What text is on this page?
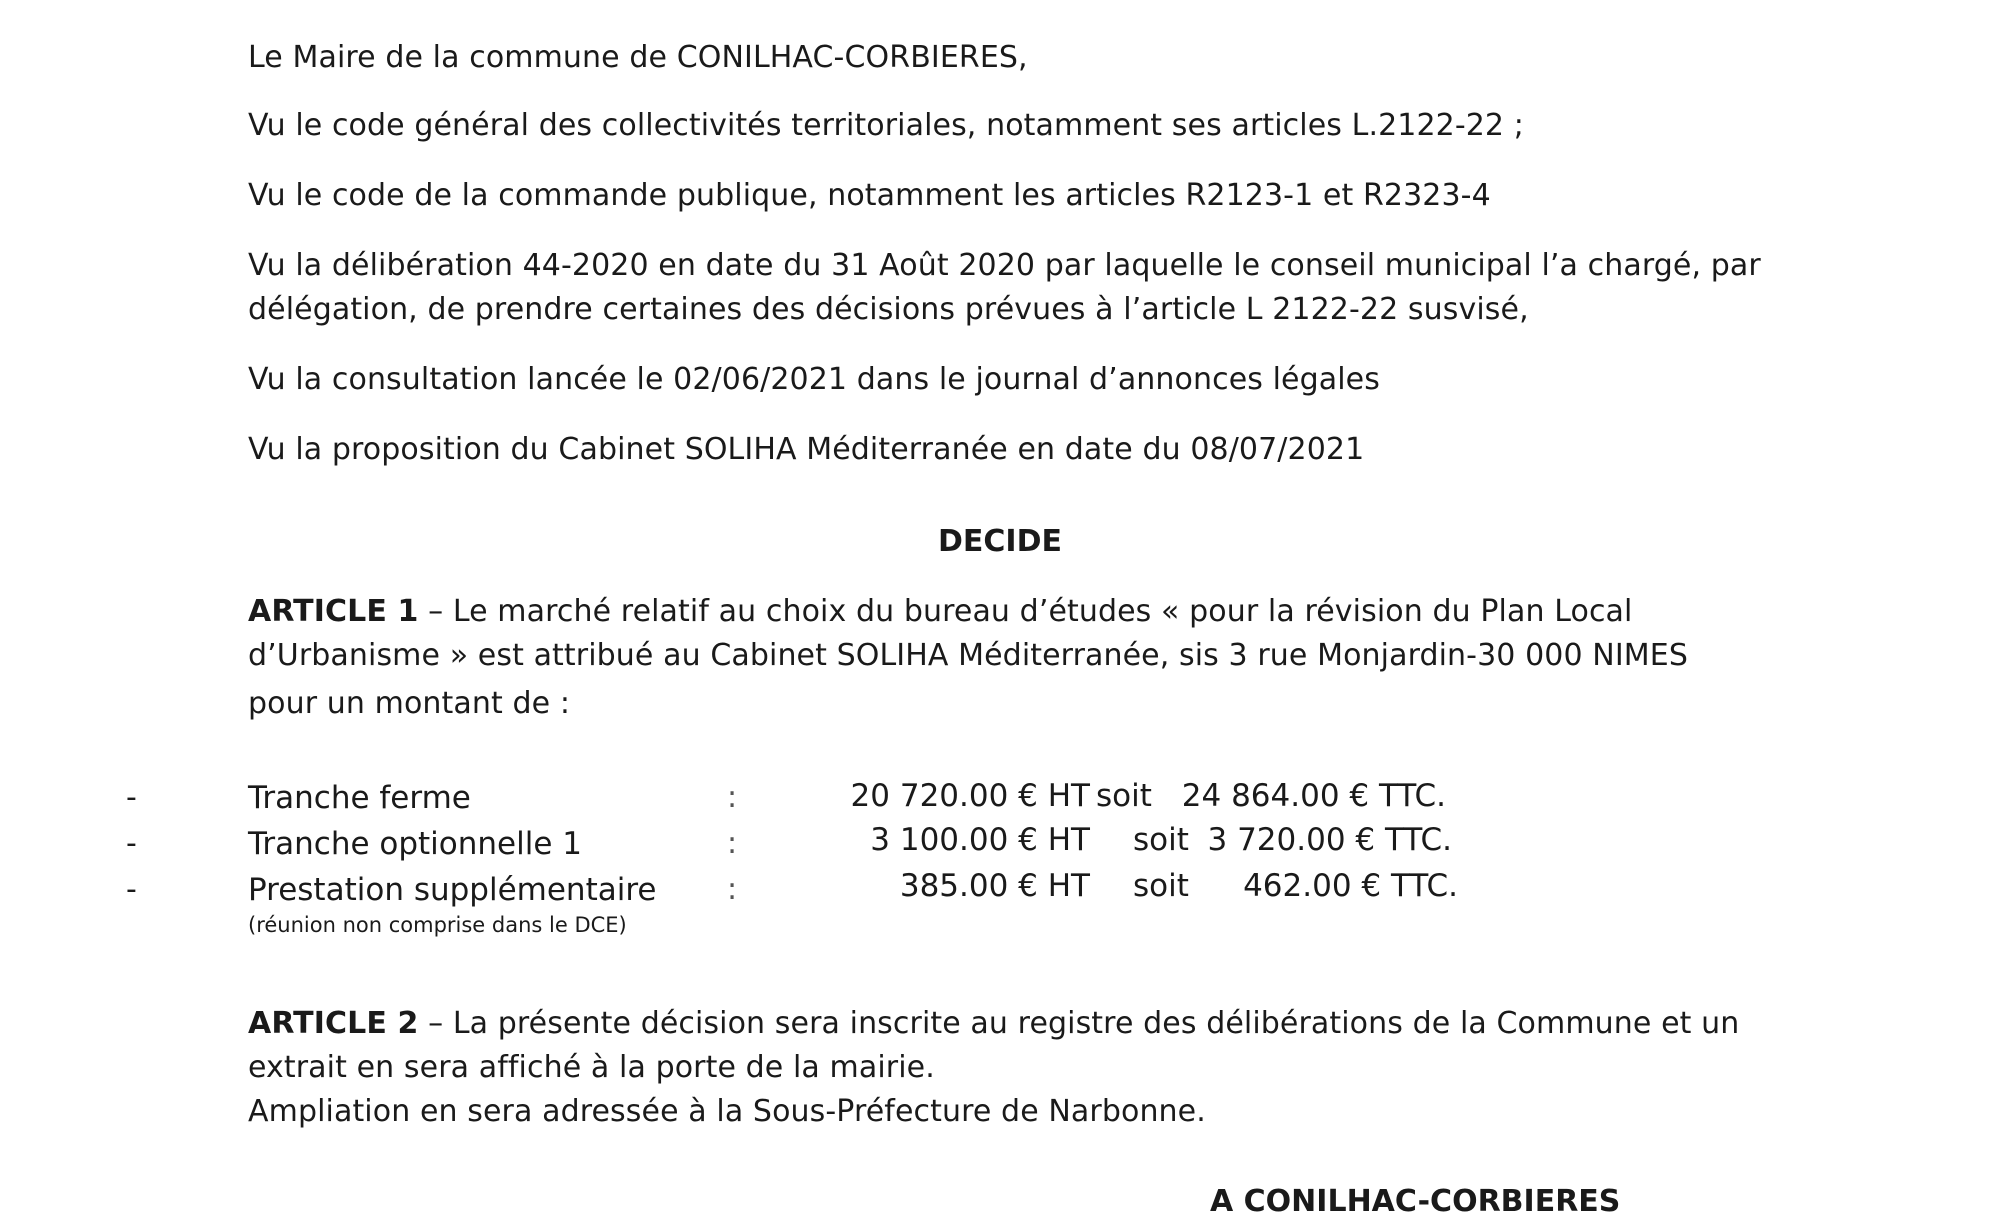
Le Maire de la commune de CONILHAC-CORBIERES,
Vu le code général des collectivités territoriales, notamment ses articles L.2122-22 ;
Vu le code de la commande publique, notamment les articles R2123-1 et R2323-4
Vu la délibération 44-2020 en date du 31 Août 2020 par laquelle le conseil municipal l’a chargé, par
délégation, de prendre certaines des décisions prévues à l’article L 2122-22 susvisé,
Vu la consultation lancée le 02/06/2021 dans le journal d’annonces légales
Vu la proposition du Cabinet SOLIHA Méditerranée en date du 08/07/2021
DECIDE
ARTICLE 1 – Le marché relatif au choix du bureau d’études « pour la révision du Plan Local
d’Urbanisme » est attribué au Cabinet SOLIHA Méditerranée, sis 3 rue Monjardin-30 000 NIMES
pour un montant de :
-	Tranche ferme	:	20 720.00 € HT soit 24 864.00 € TTC.
-	Tranche optionnelle 1	:	3 100.00 € HT soit 3 720.00 € TTC.
-	Prestation supplémentaire :	385.00 € HT soit	462.00 € TTC.
(réunion non comprise dans le DCE)
ARTICLE 2 – La présente décision sera inscrite au registre des délibérations de la Commune et un
extrait en sera affiché à la porte de la mairie.
Ampliation en sera adressée à la Sous-Préfecture de Narbonne.
A CONILHAC-CORBIERES
